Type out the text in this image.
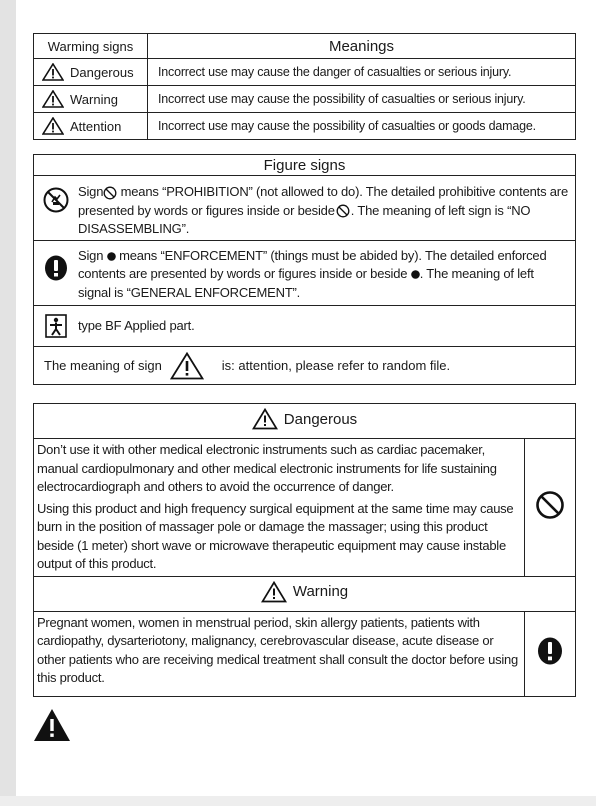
Warming signs	Meanings

Dangerous	Incorrect use may cause the danger of casualties or serious injury.

Warning	Incorrect use may cause the possibility of casualties or serious injury.

Attention	Incorrect use may cause the possibility of casualties or goods damage.
Figure signs

Sign means “PROHIBITION” (not allowed to do). The detailed prohibitive contents are presented by words or figures inside or beside . The meaning of left sign is “NO DISASSEMBLING”.

Sign  means “ENFORCEMENT” (things must be abided by). The detailed enforced contents are presented by words or figures inside or beside . The meaning of left signal is “GENERAL ENFORCEMENT”.

type BF Applied part.

The meaning of sign	is: attention, please refer to random file.
Dangerous	

Don’t use it with other medical electronic instruments such as cardiac pacemaker, manual cardiopulmonary and other medical electronic instruments for life sustaining electrocardiograph and others to avoid the occurrence of danger.

Using this product and high frequency surgical equipment at the same time may cause burn in the position of massager pole or damage the massager; using this product beside (1 meter) short wave or microwave therapeutic equipment may cause instable output of this product.

Warning	

Pregnant women, women in menstrual period, skin allergy patients, patients with cardiopathy, dysarteriotony, malignancy, cerebrovascular disease, acute disease or other patients who are receiving medical treatment shall consult the doctor before using this product.
